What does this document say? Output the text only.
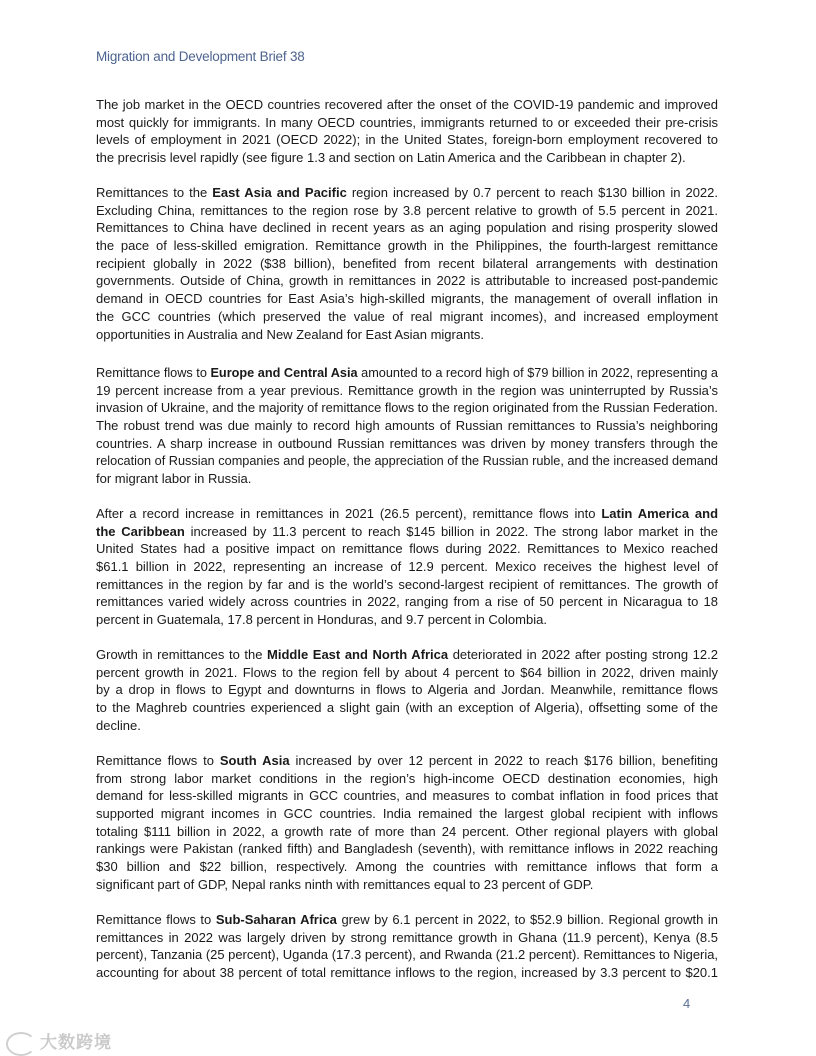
Migration and Development Brief 38
The job market in the OECD countries recovered after the onset of the COVID-19 pandemic and improved
most quickly for immigrants. In many OECD countries, immigrants returned to or exceeded their pre-crisis
levels of employment in 2021 (OECD 2022); in the United States, foreign-born employment recovered to
the precrisis level rapidly (see figure 1.3 and section on Latin America and the Caribbean in chapter 2).
Remittances to the East Asia and Pacific region increased by 0.7 percent to reach $130 billion in 2022.
Excluding China, remittances to the region rose by 3.8 percent relative to growth of 5.5 percent in 2021.
Remittances to China have declined in recent years as an aging population and rising prosperity slowed
the pace of less-skilled emigration. Remittance growth in the Philippines, the fourth-largest remittance
recipient globally in 2022 ($38 billion), benefited from recent bilateral arrangements with destination
governments. Outside of China, growth in remittances in 2022 is attributable to increased post-pandemic
demand in OECD countries for East Asia’s high-skilled migrants, the management of overall inflation in
the GCC countries (which preserved the value of real migrant incomes), and increased employment
opportunities in Australia and New Zealand for East Asian migrants.
Remittance flows to Europe and Central Asia amounted to a record high of $79 billion in 2022, representing a
19 percent increase from a year previous. Remittance growth in the region was uninterrupted by Russia’s
invasion of Ukraine, and the majority of remittance flows to the region originated from the Russian Federation.
The robust trend was due mainly to record high amounts of Russian remittances to Russia’s neighboring
countries. A sharp increase in outbound Russian remittances was driven by money transfers through the
relocation of Russian companies and people, the appreciation of the Russian ruble, and the increased demand
for migrant labor in Russia.
After a record increase in remittances in 2021 (26.5 percent), remittance flows into Latin America and
the Caribbean increased by 11.3 percent to reach $145 billion in 2022. The strong labor market in the
United States had a positive impact on remittance flows during 2022. Remittances to Mexico reached
$61.1 billion in 2022, representing an increase of 12.9 percent. Mexico receives the highest level of
remittances in the region by far and is the world’s second-largest recipient of remittances. The growth of
remittances varied widely across countries in 2022, ranging from a rise of 50 percent in Nicaragua to 18
percent in Guatemala, 17.8 percent in Honduras, and 9.7 percent in Colombia.
Growth in remittances to the Middle East and North Africa deteriorated in 2022 after posting strong 12.2
percent growth in 2021. Flows to the region fell by about 4 percent to $64 billion in 2022, driven mainly
by a drop in flows to Egypt and downturns in flows to Algeria and Jordan. Meanwhile, remittance flows
to the Maghreb countries experienced a slight gain (with an exception of Algeria), offsetting some of the
decline.
Remittance flows to South Asia increased by over 12 percent in 2022 to reach $176 billion, benefiting
from strong labor market conditions in the region’s high-income OECD destination economies, high
demand for less-skilled migrants in GCC countries, and measures to combat inflation in food prices that
supported migrant incomes in GCC countries. India remained the largest global recipient with inflows
totaling $111 billion in 2022, a growth rate of more than 24 percent. Other regional players with global
rankings were Pakistan (ranked fifth) and Bangladesh (seventh), with remittance inflows in 2022 reaching
$30 billion and $22 billion, respectively. Among the countries with remittance inflows that form a
significant part of GDP, Nepal ranks ninth with remittances equal to 23 percent of GDP.
Remittance flows to Sub-Saharan Africa grew by 6.1 percent in 2022, to $52.9 billion. Regional growth in
remittances in 2022 was largely driven by strong remittance growth in Ghana (11.9 percent), Kenya (8.5
percent), Tanzania (25 percent), Uganda (17.3 percent), and Rwanda (21.2 percent). Remittances to Nigeria,
accounting for about 38 percent of total remittance inflows to the region, increased by 3.3 percent to $20.1
4
大数跨境
